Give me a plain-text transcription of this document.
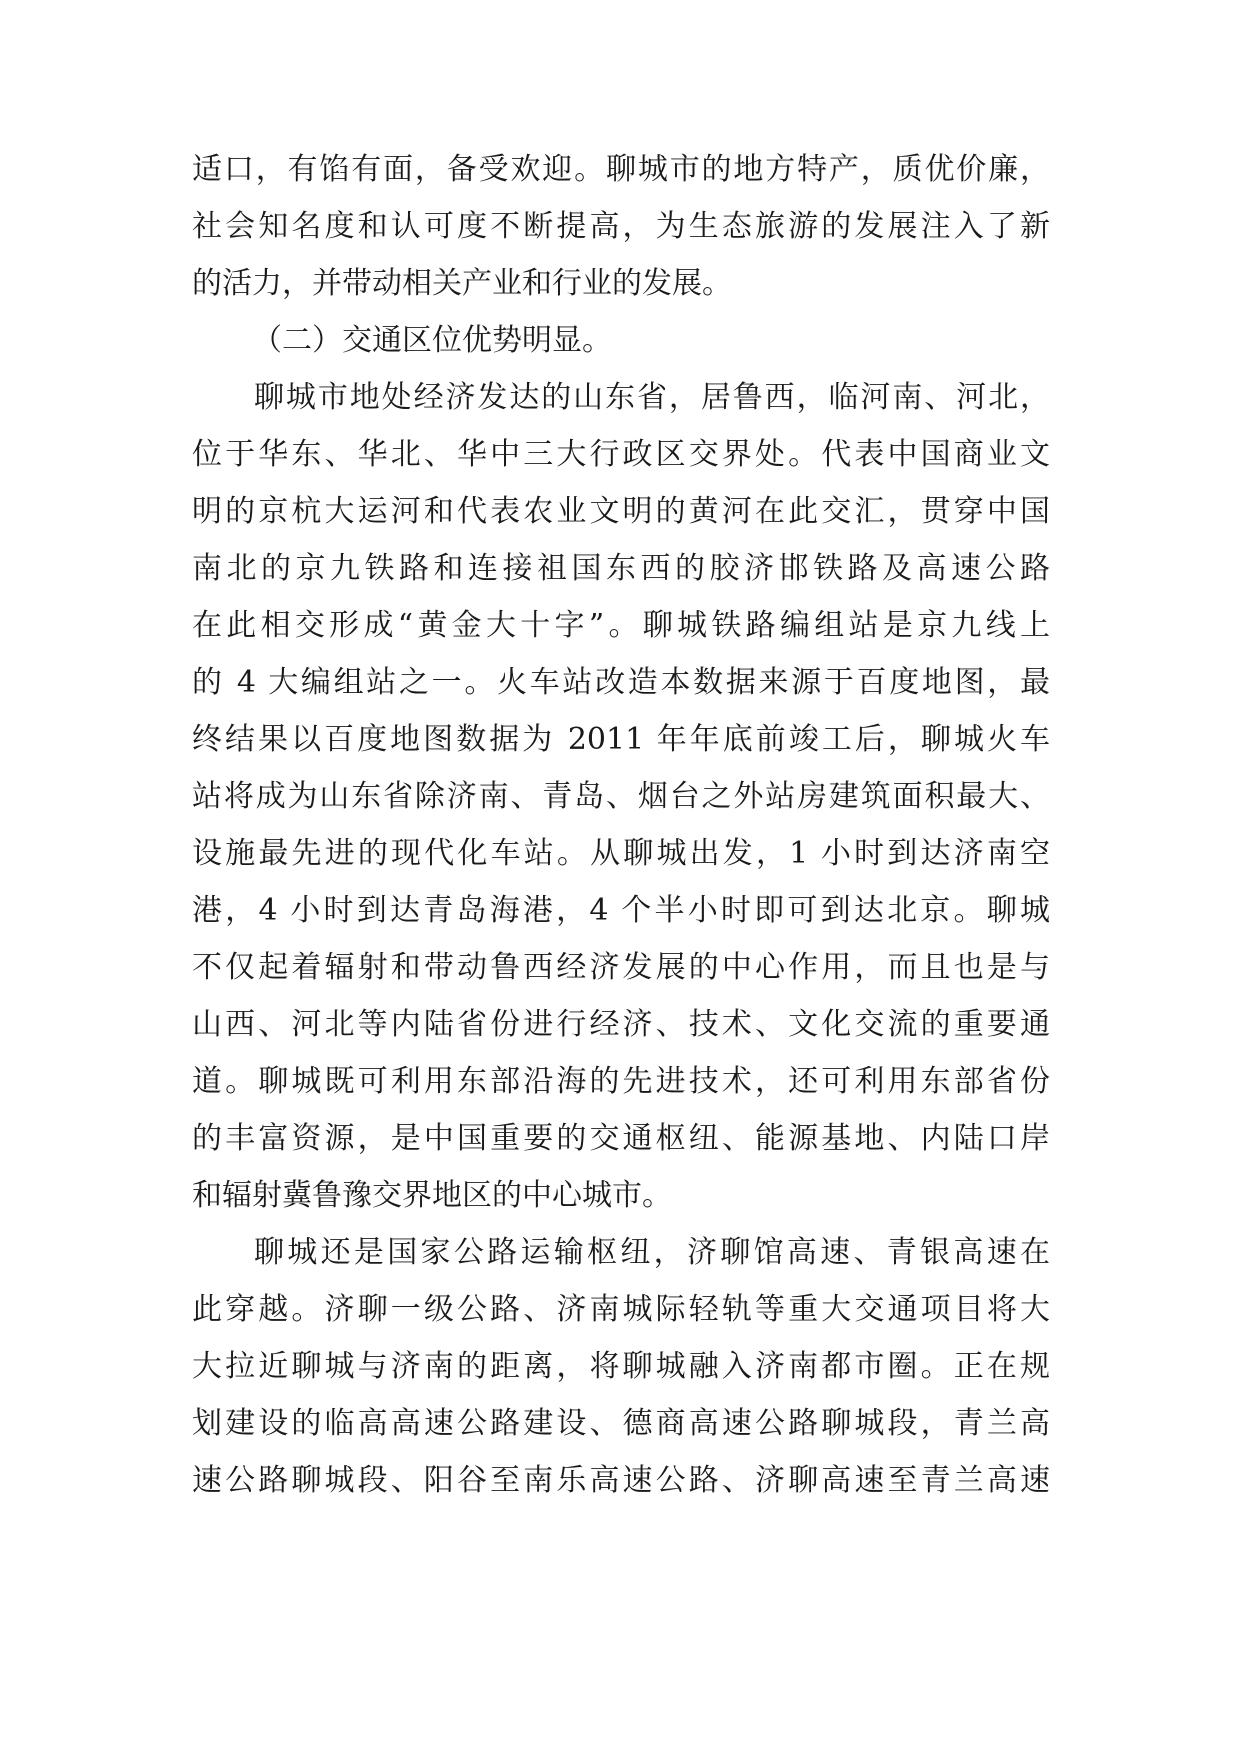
适口，有馅有面，备受欢迎。聊城市的地方特产，质优价廉，
社会知名度和认可度不断提高，为生态旅游的发展注入了新
的活力，并带动相关产业和行业的发展。
（二）交通区位优势明显。
聊城市地处经济发达的山东省，居鲁西，临河南、河北，
位于华东、华北、华中三大行政区交界处。代表中国商业文
明的京杭大运河和代表农业文明的黄河在此交汇，贯穿中国
南北的京九铁路和连接祖国东西的胶济邯铁路及高速公路
在此相交形成“黄金大十字”。聊城铁路编组站是京九线上
的 4 大编组站之一。火车站改造本数据来源于百度地图，最
终结果以百度地图数据为 2011 年年底前竣工后，聊城火车
站将成为山东省除济南、青岛、烟台之外站房建筑面积最大、
设施最先进的现代化车站。从聊城出发，1 小时到达济南空
港，4 小时到达青岛海港，4 个半小时即可到达北京。聊城
不仅起着辐射和带动鲁西经济发展的中心作用，而且也是与
山西、河北等内陆省份进行经济、技术、文化交流的重要通
道。聊城既可利用东部沿海的先进技术，还可利用东部省份
的丰富资源，是中国重要的交通枢纽、能源基地、内陆口岸
和辐射冀鲁豫交界地区的中心城市。
聊城还是国家公路运输枢纽，济聊馆高速、青银高速在
此穿越。济聊一级公路、济南城际轻轨等重大交通项目将大
大拉近聊城与济南的距离，将聊城融入济南都市圈。正在规
划建设的临高高速公路建设、德商高速公路聊城段，青兰高
速公路聊城段、阳谷至南乐高速公路、济聊高速至青兰高速
